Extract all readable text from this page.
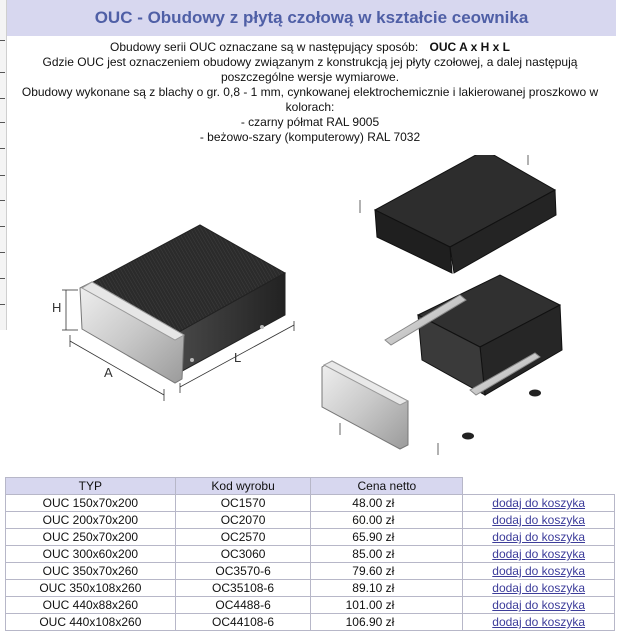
OUC - Obudowy z płytą czołową w kształcie ceownika

Obudowy serii OUC oznaczane są w następujący sposób: OUC A x H x L

Gdzie OUC jest oznaczeniem obudowy związanym z konstrukcją jej płyty czołowej, a dalej następują poszczególne wersje wymiarowe.

Obudowy wykonane są z blachy o gr. 0,8 - 1 mm, cynkowanej elektrochemicznie i lakierowanej proszkowo w kolorach:

- czarny półmat RAL 9005

- beżowo-szary (komputerowy) RAL 7032

H
A
L
TYP	Kod wyrobu	Cena netto	
OUC 150x70x200	OC1570	48.00 zł	dodaj do koszyka
OUC 200x70x200	OC2070	60.00 zł	dodaj do koszyka
OUC 250x70x200	OC2570	65.90 zł	dodaj do koszyka
OUC 300x60x200	OC3060	85.00 zł	dodaj do koszyka
OUC 350x70x260	OC3570-6	79.60 zł	dodaj do koszyka
OUC 350x108x260	OC35108-6	89.10 zł	dodaj do koszyka
OUC 440x88x260	OC4488-6	101.00 zł	dodaj do koszyka
OUC 440x108x260	OC44108-6	106.90 zł	dodaj do koszyka
